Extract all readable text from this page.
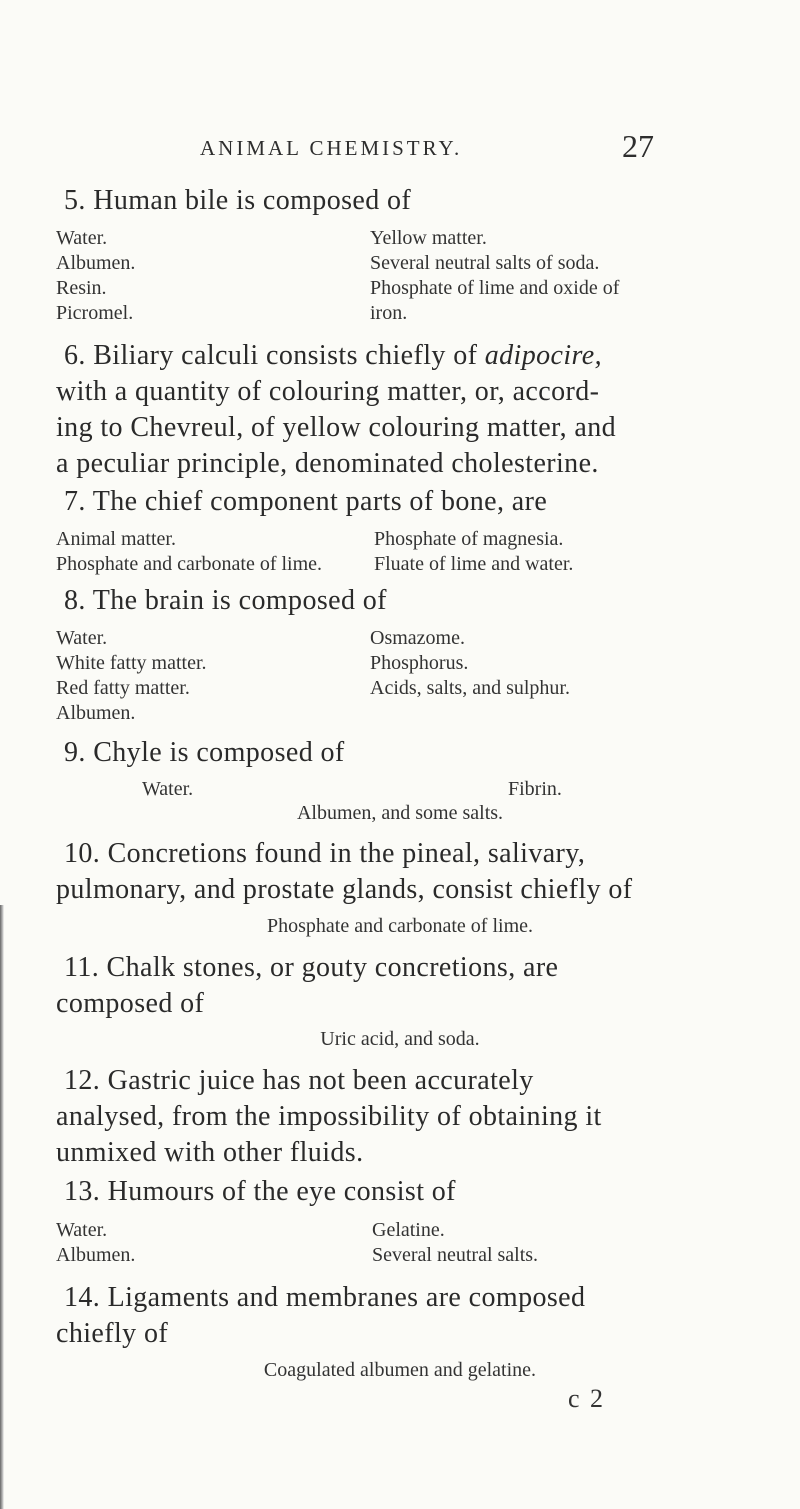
ANIMAL CHEMISTRY.	27
5. Human bile is composed of
Water.
Albumen.
Resin.
Picromel.
Yellow matter.
Several neutral salts of soda.
Phosphate of lime and oxide of
iron.
6. Biliary calculi consists chiefly of adipocire,
with a quantity of colouring matter, or, accord-
ing to Chevreul, of yellow colouring matter, and
a peculiar principle, denominated cholesterine.
7. The chief component parts of bone, are
Animal matter.
Phosphate and carbonate of lime.
Phosphate of magnesia.
Fluate of lime and water.
8. The brain is composed of
Water.
White fatty matter.
Red fatty matter.
Albumen.
Osmazome.
Phosphorus.
Acids, salts, and sulphur.
9. Chyle is composed of
Water.	Fibrin.
Albumen, and some salts.
10. Concretions found in the pineal, salivary,
pulmonary, and prostate glands, consist chiefly of
Phosphate and carbonate of lime.
11. Chalk stones, or gouty concretions, are
composed of
Uric acid, and soda.
12. Gastric juice has not been accurately
analysed, from the impossibility of obtaining it
unmixed with other fluids.
13. Humours of the eye consist of
Water.
Albumen.
Gelatine.
Several neutral salts.
14. Ligaments and membranes are composed
chiefly of
Coagulated albumen and gelatine.
c 2
